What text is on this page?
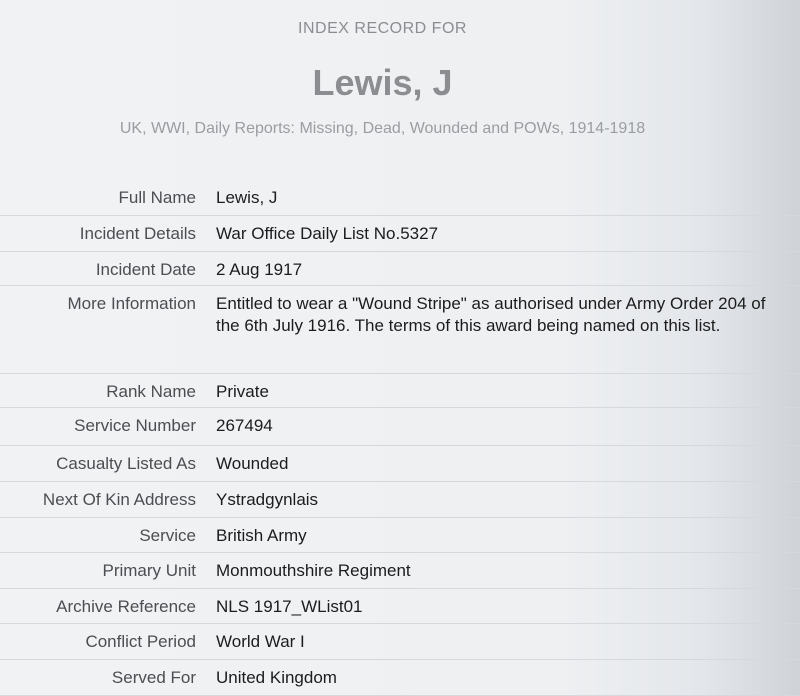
INDEX RECORD FOR
Lewis, J
UK, WWI, Daily Reports: Missing, Dead, Wounded and POWs, 1914-1918
Full Name	Lewis, J
Incident Details	War Office Daily List No.5327
Incident Date	2 Aug 1917
More Information	Entitled to wear a "Wound Stripe" as authorised under Army Order 204 of the 6th July 1916. The terms of this award being named on this list.
Rank Name	Private
Service Number	267494
Casualty Listed As	Wounded
Next Of Kin Address	Ystradgynlais
Service	British Army
Primary Unit	Monmouthshire Regiment
Archive Reference	NLS 1917_WList01
Conflict Period	World War I
Served For	United Kingdom
